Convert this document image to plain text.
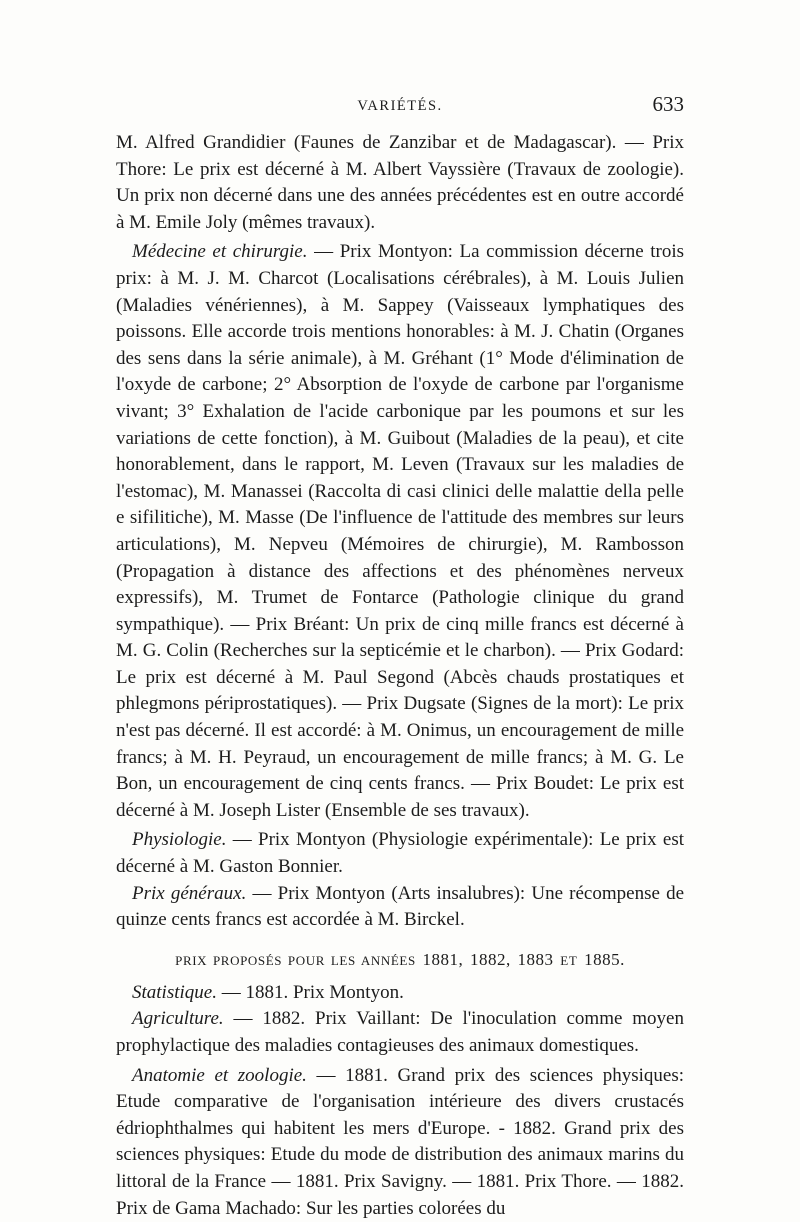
VARIÉTÉS.	633

M. Alfred Grandidier (Faunes de Zanzibar et de Madagascar). — Prix Thore: Le prix est décerné à M. Albert Vayssière (Travaux de zoologie). Un prix non décerné dans une des années précédentes est en outre accordé à M. Emile Joly (mêmes travaux).

Médecine et chirurgie. — Prix Montyon: La commission décerne trois prix: à M. J. M. Charcot (Localisations cérébrales), à M. Louis Julien (Maladies vénériennes), à M. Sappey (Vaisseaux lymphatiques des poissons. Elle accorde trois mentions honorables: à M. J. Chatin (Organes des sens dans la série animale), à M. Gréhant (1° Mode d'élimination de l'oxyde de carbone; 2° Absorption de l'oxyde de carbone par l'organisme vivant; 3° Exhalation de l'acide carbonique par les poumons et sur les variations de cette fonction), à M. Guibout (Maladies de la peau), et cite honorablement, dans le rapport, M. Leven (Travaux sur les maladies de l'estomac), M. Manassei (Raccolta di casi clinici delle malattie della pelle e sifilitiche), M. Masse (De l'influence de l'attitude des membres sur leurs articulations), M. Nepveu (Mémoires de chirurgie), M. Rambosson (Propagation à distance des affections et des phénomènes nerveux expressifs), M. Trumet de Fontarce (Pathologie clinique du grand sympathique). — Prix Bréant: Un prix de cinq mille francs est décerné à M. G. Colin (Recherches sur la septicémie et le charbon). — Prix Godard: Le prix est décerné à M. Paul Segond (Abcès chauds prostatiques et phlegmons périprostatiques). — Prix Dugsate (Signes de la mort): Le prix n'est pas décerné. Il est accordé: à M. Onimus, un encouragement de mille francs; à M. H. Peyraud, un encouragement de mille francs; à M. G. Le Bon, un encouragement de cinq cents francs. — Prix Boudet: Le prix est décerné à M. Joseph Lister (Ensemble de ses travaux).

Physiologie. — Prix Montyon (Physiologie expérimentale): Le prix est décerné à M. Gaston Bonnier.

Prix généraux. — Prix Montyon (Arts insalubres): Une récompense de quinze cents francs est accordée à M. Birckel.

PRIX PROPOSÉS POUR LES ANNÉES 1881, 1882, 1883 ET 1885.

Statistique. — 1881. Prix Montyon.

Agriculture. — 1882. Prix Vaillant: De l'inoculation comme moyen prophylactique des maladies contagieuses des animaux domestiques.

Anatomie et zoologie. — 1881. Grand prix des sciences physiques: Etude comparative de l'organisation intérieure des divers crustacés édriophthalmes qui habitent les mers d'Europe. - 1882. Grand prix des sciences physiques: Etude du mode de distribution des animaux marins du littoral de la France — 1881. Prix Savigny. — 1881. Prix Thore. — 1882. Prix de Gama Machado: Sur les parties colorées du
